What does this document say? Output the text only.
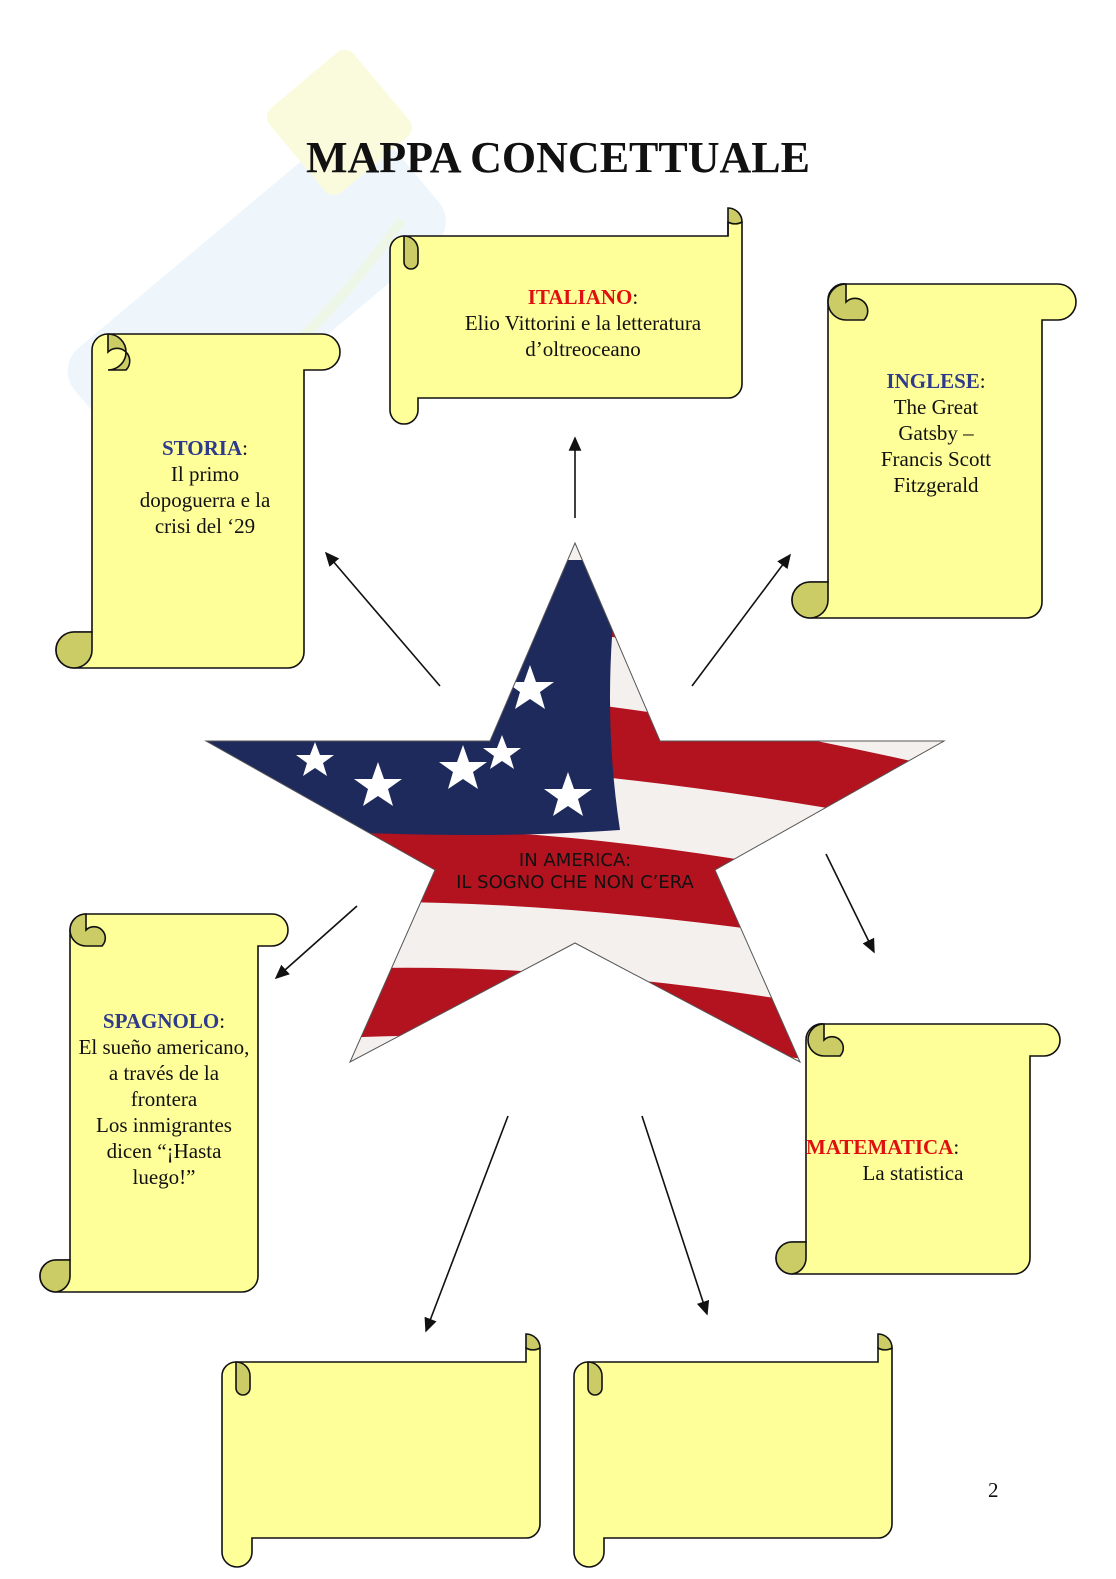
MAPPA CONCETTUALE
IN AMERICA:
IL SOGNO CHE NON C’ERA
ITALIANO:
Elio Vittorini e la letteratura
d’oltreoceano
STORIA:
Il primo
dopoguerra e la
crisi del ‘29
INGLESE:
The Great
Gatsby –
Francis Scott
Fitzgerald
SPAGNOLO:
El sueño americano,
a través de la
frontera
Los inmigrantes
dicen “¡Hasta
luego!”
MATEMATICA:
La statistica
2
